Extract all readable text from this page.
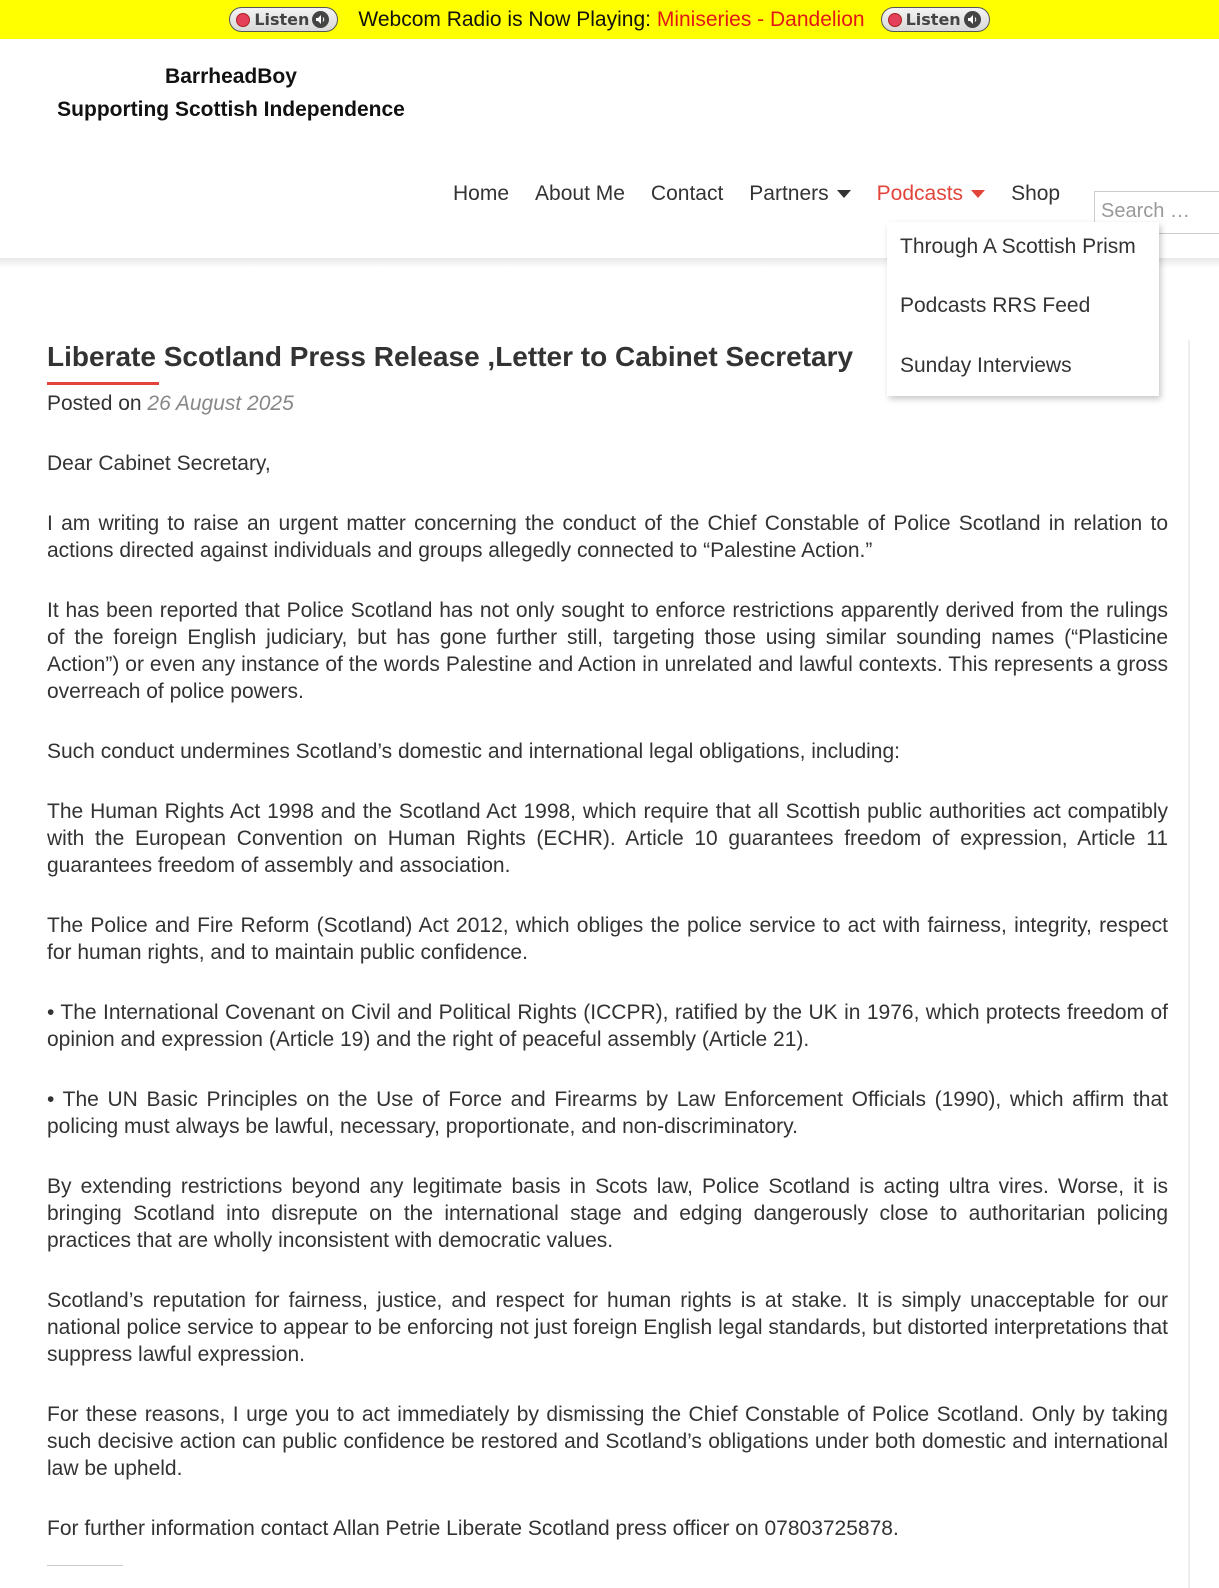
Listen Webcom Radio is Now Playing: Miniseries - Dandelion	Listen
BarrheadBoy
Supporting Scottish Independence
Home About Me Contact Partners Podcasts Shop
Search …
Through A Scottish Prism
Podcasts RRS Feed
Sunday Interviews
Liberate Scotland Press Release ,Letter to Cabinet Secretary
Posted on 26 August 2025

Dear Cabinet Secretary,

I am writing to raise an urgent matter concerning the conduct of the Chief Constable of Police Scotland in relation to actions directed against individuals and groups allegedly connected to “Palestine Action.”

It has been reported that Police Scotland has not only sought to enforce restrictions apparently derived from the rulings of the foreign English judiciary, but has gone further still, targeting those using similar sounding names (“Plasticine Action”) or even any instance of the words Palestine and Action in unrelated and lawful contexts. This represents a gross overreach of police powers.

Such conduct undermines Scotland’s domestic and international legal obligations, including:

The Human Rights Act 1998 and the Scotland Act 1998, which require that all Scottish public authorities act compatibly with the European Convention on Human Rights (ECHR). Article 10 guarantees freedom of expression, Article 11 guarantees freedom of assembly and association.

The Police and Fire Reform (Scotland) Act 2012, which obliges the police service to act with fairness, integrity, respect for human rights, and to maintain public confidence.

• The International Covenant on Civil and Political Rights (ICCPR), ratified by the UK in 1976, which protects freedom of opinion and expression (Article 19) and the right of peaceful assembly (Article 21).

• The UN Basic Principles on the Use of Force and Firearms by Law Enforcement Officials (1990), which affirm that policing must always be lawful, necessary, proportionate, and non-discriminatory.

By extending restrictions beyond any legitimate basis in Scots law, Police Scotland is acting ultra vires. Worse, it is bringing Scotland into disrepute on the international stage and edging dangerously close to authoritarian policing practices that are wholly inconsistent with democratic values.

Scotland’s reputation for fairness, justice, and respect for human rights is at stake. It is simply unacceptable for our national police service to appear to be enforcing not just foreign English legal standards, but distorted interpretations that suppress lawful expression.

For these reasons, I urge you to act immediately by dismissing the Chief Constable of Police Scotland. Only by taking such decisive action can public confidence be restored and Scotland’s obligations under both domestic and international law be upheld.

For further information contact Allan Petrie Liberate Scotland press officer on 07803725878.
